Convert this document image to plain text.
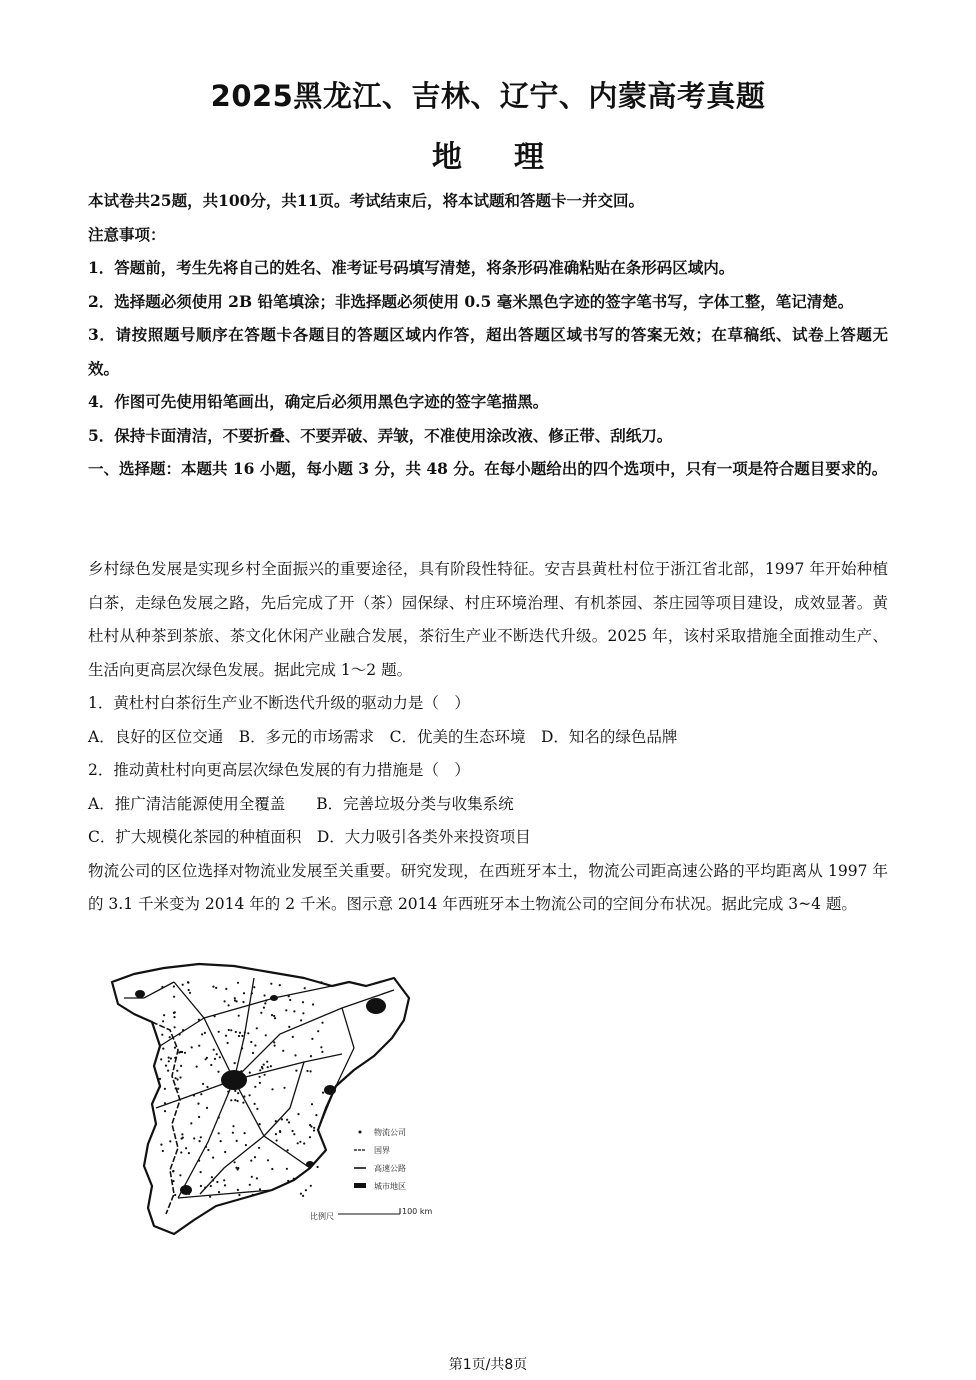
2025黑龙江、吉林、辽宁、内蒙高考真题
地 理

本试卷共25题，共100分，共11页。考试结束后，将本试题和答题卡一并交回。

注意事项：

1．答题前，考生先将自己的姓名、准考证号码填写清楚，将条形码准确粘贴在条形码区域内。

2．选择题必须使用 2B 铅笔填涂；非选择题必须使用 0.5 毫米黑色字迹的签字笔书写，字体工整，笔记清楚。

3．请按照题号顺序在答题卡各题目的答题区域内作答，超出答题区域书写的答案无效；在草稿纸、试卷上答题无效。

4．作图可先使用铅笔画出，确定后必须用黑色字迹的签字笔描黑。

5．保持卡面清洁，不要折叠、不要弄破、弄皱，不准使用涂改液、修正带、刮纸刀。

一、选择题：本题共 16 小题，每小题 3 分，共 48 分。在每小题给出的四个选项中，只有一项是符合题目要求的。

乡村绿色发展是实现乡村全面振兴的重要途径，具有阶段性特征。安吉县黄杜村位于浙江省北部，1997 年开始种植白茶，走绿色发展之路，先后完成了开（茶）园保绿、村庄环境治理、有机茶园、茶庄园等项目建设，成效显著。黄杜村从种茶到茶旅、茶文化休闲产业融合发展，茶衍生产业不断迭代升级。2025 年，该村采取措施全面推动生产、生活向更高层次绿色发展。据此完成 1～2 题。

1．黄杜村白茶衍生产业不断迭代升级的驱动力是（　）

A．良好的区位交通　B．多元的市场需求　C．优美的生态环境　D．知名的绿色品牌

2．推动黄杜村向更高层次绿色发展的有力措施是（　）

A．推广清洁能源使用全覆盖　　B．完善垃圾分类与收集系统

C．扩大规模化茶园的种植面积　D．大力吸引各类外来投资项目

物流公司的区位选择对物流业发展至关重要。研究发现，在西班牙本土，物流公司距高速公路的平均距离从 1997 年的 3.1 千米变为 2014 年的 2 千米。图示意 2014 年西班牙本土物流公司的空间分布状况。据此完成 3~4 题。

物流公司
国界
高速公路
城市地区
比例尺
100 km
第1页/共8页
